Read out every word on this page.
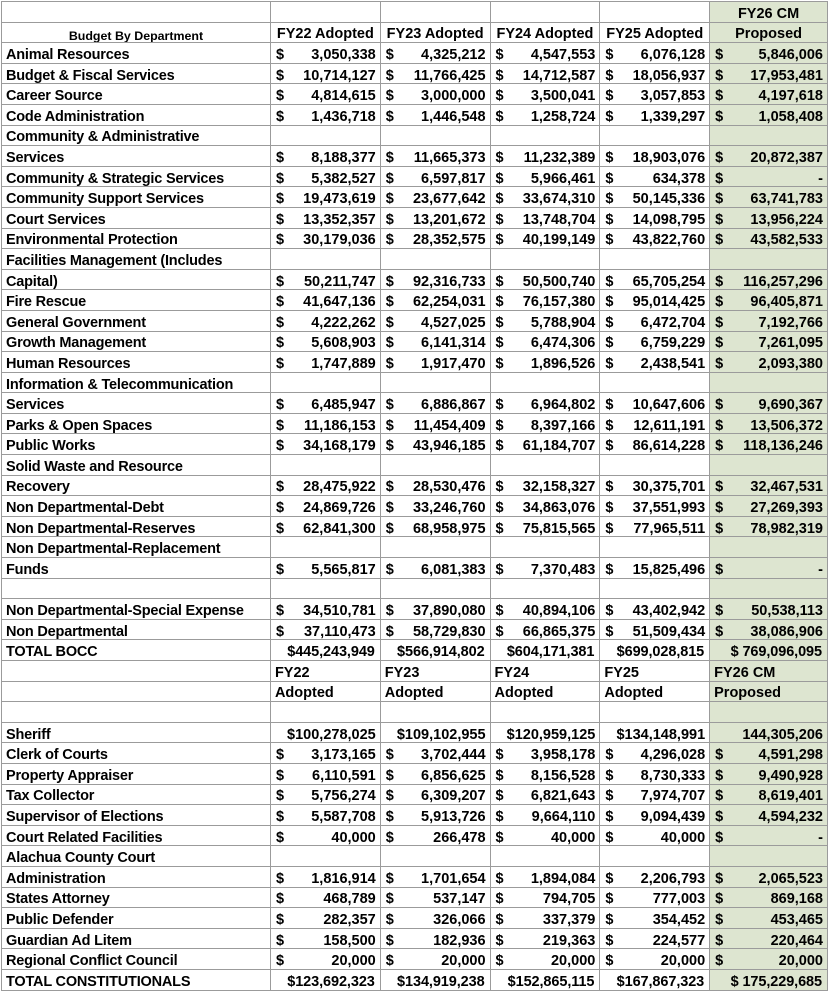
					FY26 CM
Budget By Department	FY22 Adopted	FY23 Adopted	FY24 Adopted	FY25 Adopted	Proposed
Animal Resources	$ 3,050,338	$ 4,325,212	$ 4,547,553	$ 6,076,128	$ 5,846,006
Budget & Fiscal Services	$ 10,714,127	$ 11,766,425	$ 14,712,587	$ 18,056,937	$ 17,953,481
Career Source	$ 4,814,615	$ 3,000,000	$ 3,500,041	$ 3,057,853	$ 4,197,618
Code Administration	$ 1,436,718	$ 1,446,548	$ 1,258,724	$ 1,339,297	$ 1,058,408
Community & Administrative					
Services	$ 8,188,377	$ 11,665,373	$ 11,232,389	$ 18,903,076	$ 20,872,387
Community & Strategic Services	$ 5,382,527	$ 6,597,817	$ 5,966,461	$ 634,378	$ -
Community Support Services	$ 19,473,619	$ 23,677,642	$ 33,674,310	$ 50,145,336	$ 63,741,783
Court Services	$ 13,352,357	$ 13,201,672	$ 13,748,704	$ 14,098,795	$ 13,956,224
Environmental Protection	$ 30,179,036	$ 28,352,575	$ 40,199,149	$ 43,822,760	$ 43,582,533
Facilities Management (Includes					
Capital)	$ 50,211,747	$ 92,316,733	$ 50,500,740	$ 65,705,254	$ 116,257,296
Fire Rescue	$ 41,647,136	$ 62,254,031	$ 76,157,380	$ 95,014,425	$ 96,405,871
General Government	$ 4,222,262	$ 4,527,025	$ 5,788,904	$ 6,472,704	$ 7,192,766
Growth Management	$ 5,608,903	$ 6,141,314	$ 6,474,306	$ 6,759,229	$ 7,261,095
Human Resources	$ 1,747,889	$ 1,917,470	$ 1,896,526	$ 2,438,541	$ 2,093,380
Information & Telecommunication					
Services	$ 6,485,947	$ 6,886,867	$ 6,964,802	$ 10,647,606	$ 9,690,367
Parks & Open Spaces	$ 11,186,153	$ 11,454,409	$ 8,397,166	$ 12,611,191	$ 13,506,372
Public Works	$ 34,168,179	$ 43,946,185	$ 61,184,707	$ 86,614,228	$ 118,136,246
Solid Waste and Resource					
Recovery	$ 28,475,922	$ 28,530,476	$ 32,158,327	$ 30,375,701	$ 32,467,531
Non Departmental-Debt	$ 24,869,726	$ 33,246,760	$ 34,863,076	$ 37,551,993	$ 27,269,393
Non Departmental-Reserves	$ 62,841,300	$ 68,958,975	$ 75,815,565	$ 77,965,511	$ 78,982,319
Non Departmental-Replacement					
Funds	$ 5,565,817	$ 6,081,383	$ 7,370,483	$ 15,825,496	$ -

Non Departmental-Special Expense	$ 34,510,781	$ 37,890,080	$ 40,894,106	$ 43,402,942	$ 50,538,113
Non Departmental	$ 37,110,473	$ 58,729,830	$ 66,865,375	$ 51,509,434	$ 38,086,906
TOTAL BOCC	$445,243,949	$566,914,802	$604,171,381	$699,028,815	$ 769,096,095
	FY22	FY23	FY24	FY25	FY26 CM
	Adopted	Adopted	Adopted	Adopted	Proposed

Sheriff	$100,278,025	$109,102,955	$120,959,125	$134,148,991	144,305,206
Clerk of Courts	$ 3,173,165	$ 3,702,444	$ 3,958,178	$ 4,296,028	$ 4,591,298
Property Appraiser	$ 6,110,591	$ 6,856,625	$ 8,156,528	$ 8,730,333	$ 9,490,928
Tax Collector	$ 5,756,274	$ 6,309,207	$ 6,821,643	$ 7,974,707	$ 8,619,401
Supervisor of Elections	$ 5,587,708	$ 5,913,726	$ 9,664,110	$ 9,094,439	$ 4,594,232
Court Related Facilities	$ 40,000	$ 266,478	$ 40,000	$ 40,000	$ -
Alachua County Court					
Administration	$ 1,816,914	$ 1,701,654	$ 1,894,084	$ 2,206,793	$ 2,065,523
States Attorney	$ 468,789	$ 537,147	$ 794,705	$ 777,003	$ 869,168
Public Defender	$ 282,357	$ 326,066	$ 337,379	$ 354,452	$ 453,465
Guardian Ad Litem	$ 158,500	$ 182,936	$ 219,363	$ 224,577	$ 220,464
Regional Conflict Council	$ 20,000	$ 20,000	$ 20,000	$ 20,000	$ 20,000
TOTAL CONSTITUTIONALS	$123,692,323	$134,919,238	$152,865,115	$167,867,323	$ 175,229,685
